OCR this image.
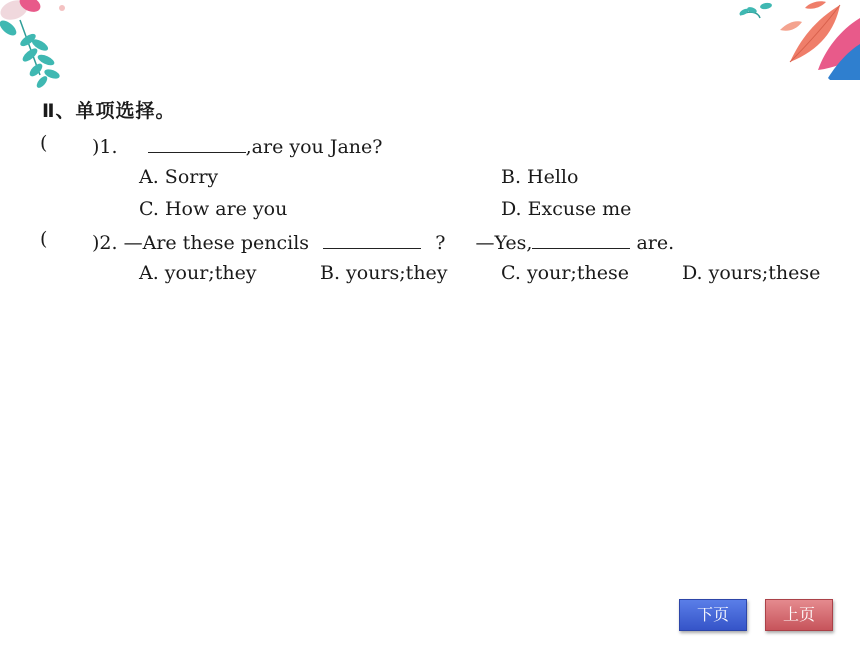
Ⅱ、单项选择。
( )1.	,are you Jane?
A. Sorry	B. Hello
C. How are you	D. Excuse me
( )2. —Are these pencils	? —Yes,	are.
A. your;they	B. yours;they	C. your;these	D. yours;these
下页	上页
